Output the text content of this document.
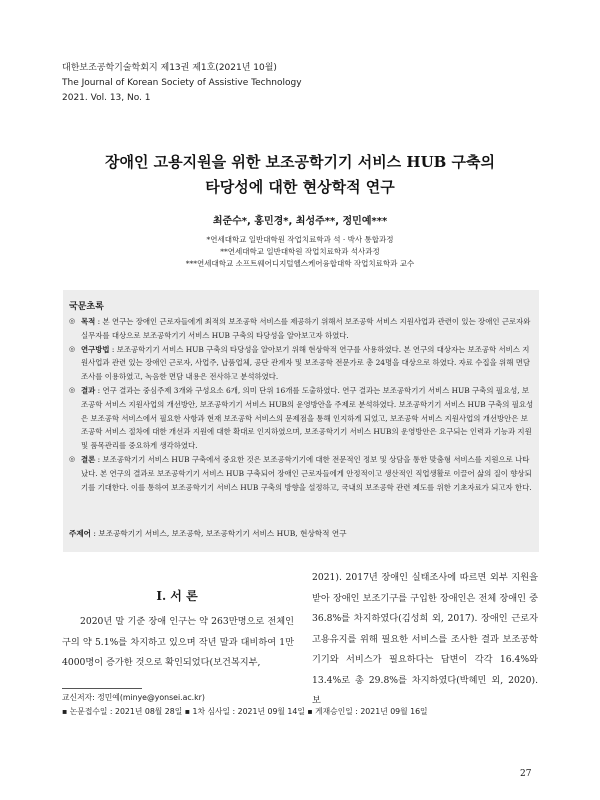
대한보조공학기술학회지 제13권 제1호(2021년 10월)
The Journal of Korean Society of Assistive Technology
2021. Vol. 13, No. 1
장애인 고용지원을 위한 보조공학기기 서비스 HUB 구축의
타당성에 대한 현상학적 연구
최준수*, 홍민경*, 최성주**, 정민예***
*연세대학교 일반대학원 작업치료학과 석 · 박사 통합과정
**연세대학교 일반대학원 작업치료학과 석사과정
***연세대학교 소프트웨어디지털헬스케어융합대학 작업치료학과 교수
국문초록

◎ 목적 : 본 연구는 장애인 근로자들에게 최적의 보조공학 서비스를 제공하기 위해서 보조공학 서비스 지원사업과 관련이 있는 장애인 근로자와 실무자를 대상으로 보조공학기기 서비스 HUB 구축의 타당성을 알아보고자 하였다.

◎ 연구방법 : 보조공학기기 서비스 HUB 구축의 타당성을 알아보기 위해 현상학적 연구를 사용하였다. 본 연구의 대상자는 보조공학 서비스 지원사업과 관련 있는 장애인 근로자, 사업주, 납품업체, 공단 관계자 및 보조공학 전문가로 총 24명을 대상으로 하였다. 자료 수집을 위해 면담 조사를 이용하였고, 녹음한 면담 내용은 전사하고 분석하였다.

◎ 결과 : 연구 결과는 중심주제 3개와 구성요소 6개, 의미 단위 16개를 도출하였다. 연구 결과는 보조공학기기 서비스 HUB 구축의 필요성, 보조공학 서비스 지원사업의 개선방안, 보조공학기기 서비스 HUB의 운영방안을 주제로 분석하였다. 보조공학기기 서비스 HUB 구축의 필요성은 보조공학 서비스에서 필요한 사항과 현재 보조공학 서비스의 문제점을 통해 인지하게 되었고, 보조공학 서비스 지원사업의 개선방안은 보조공학 서비스 절차에 대한 개선과 지원에 대한 확대로 인지하였으며, 보조공학기기 서비스 HUB의 운영방안은 요구되는 인력과 기능과 지원 및 품목관리를 중요하게 생각하였다.

◎ 결론 : 보조공학기기 서비스 HUB 구축에서 중요한 것은 보조공학기기에 대한 전문적인 정보 및 상담을 통한 맞춤형 서비스를 지원으로 나타났다. 본 연구의 결과로 보조공학기기 서비스 HUB 구축되어 장애인 근로자들에게 안정적이고 생산적인 직업생활로 이끌어 삶의 질이 향상되기를 기대한다. 이를 통하여 보조공학기기 서비스 HUB 구축의 방향을 설정하고, 국내의 보조공학 관련 제도를 위한 기초자료가 되고자 한다.

주제어 : 보조공학기기 서비스, 보조공학, 보조공학기기 서비스 HUB, 현상학적 연구
Ⅰ. 서 론
2020년 말 기준 장애 인구는 약 263만명으로 전체인구의 약 5.1%를 차지하고 있으며 작년 말과 대비하여 1만4000명이 증가한 것으로 확인되었다(보건복지부,
2021). 2017년 장애인 실태조사에 따르면 외부 지원을 받아 장애인 보조기구를 구입한 장애인은 전체 장애인 중 36.8%를 차지하였다(김성희 외, 2017). 장애인 근로자 고용유지를 위해 필요한 서비스를 조사한 결과 보조공학 기기와 서비스가 필요하다는 답변이 각각 16.4%와 13.4%로 총 29.8%를 차지하였다(박혜민 외, 2020). 보
교신저자: 정민예(minye@yonsei.ac.kr)
▪ 논문접수일 : 2021년 08월 28일 ▪ 1차 심사일 : 2021년 09월 14일 ▪ 게재승인일 : 2021년 09월 16일
27
